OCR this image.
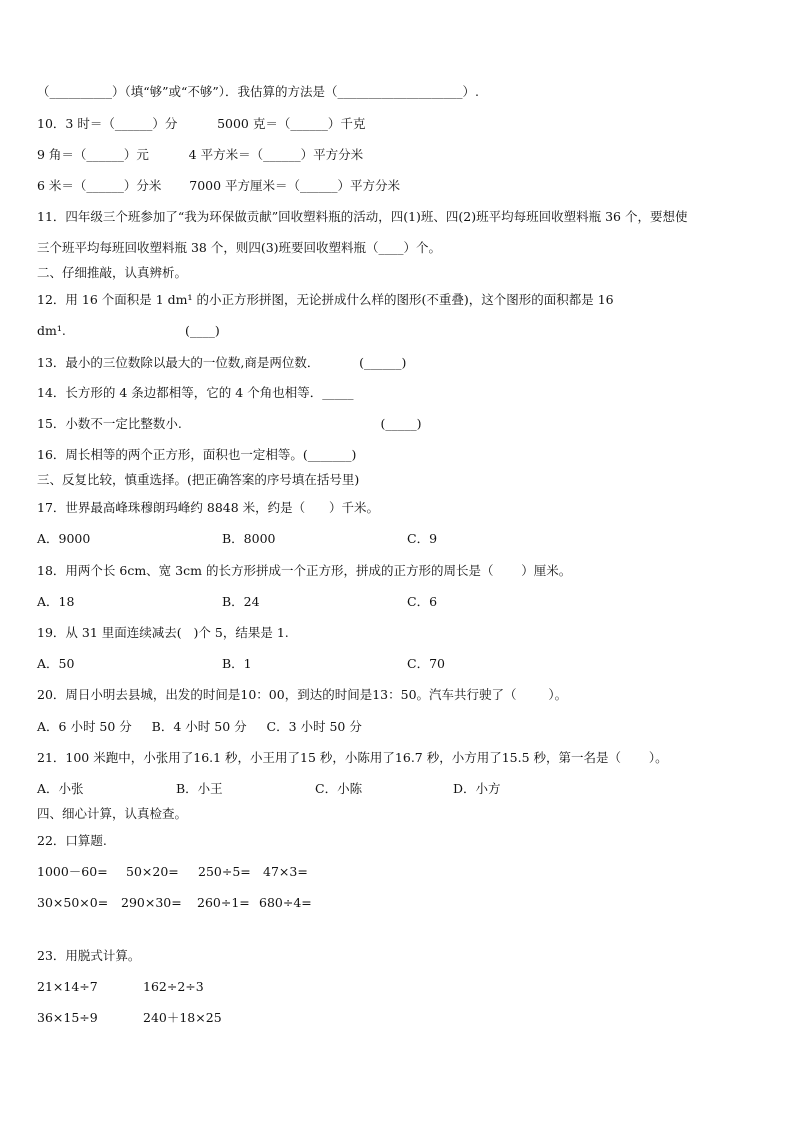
（__________）（填“够”或“不够”）．我估算的方法是（____________________）.
10．3 时＝（______）分          5000 克＝（______）千克
9 角＝（______）元          4 平方米＝（______）平方分米
6 米＝（______）分米       7000 平方厘米＝（______）平方分米
11．四年级三个班参加了“我为环保做贡献”回收塑料瓶的活动，四(1)班、四(2)班平均每班回收塑料瓶 36 个，要想使
三个班平均每班回收塑料瓶 38 个，则四(3)班要回收塑料瓶（____）个。
二、仔细推敲，认真辨析。
12．用 16 个面积是 1 dm¹ 的小正方形拼图，无论拼成什么样的图形(不重叠)，这个图形的面积都是 16
dm¹.                              (____)
13．最小的三位数除以最大的一位数,商是两位数．          (______)
14．长方形的 4 条边都相等，它的 4 个角也相等．_____
15．小数不一定比整数小.                                                  (_____)
16．周长相等的两个正方形，面积也一定相等。(_______)
三、反复比较，慎重选择。(把正确答案的序号填在括号里)
17．世界最高峰珠穆朗玛峰约 8848 米，约是（      ）千米。
A．9000	B．8000	C．9
18．用两个长 6cm、宽 3cm 的长方形拼成一个正方形，拼成的正方形的周长是（       ）厘米。
A．18	B．24	C．6
19．从 31 里面连续减去(   )个 5，结果是 1.
A．50	B．1	C．70
20．周日小明去县城，出发的时间是10：00，到达的时间是13：50。汽车共行驶了（        ）。
A．6 小时 50 分     B．4 小时 50 分     C．3 小时 50 分
21．100 米跑中，小张用了16.1 秒，小王用了15 秒，小陈用了16.7 秒，小方用了15.5 秒，第一名是（       ）。
A．小张	B．小王	C．小陈	D．小方
四、细心计算，认真检查。
22．口算题.
1000－60= 50×20= 250÷5= 47×3=
30×50×0= 290×30= 260÷1= 680÷4=
23．用脱式计算。
21×14÷7	162÷2÷3
36×15÷9	240＋18×25
